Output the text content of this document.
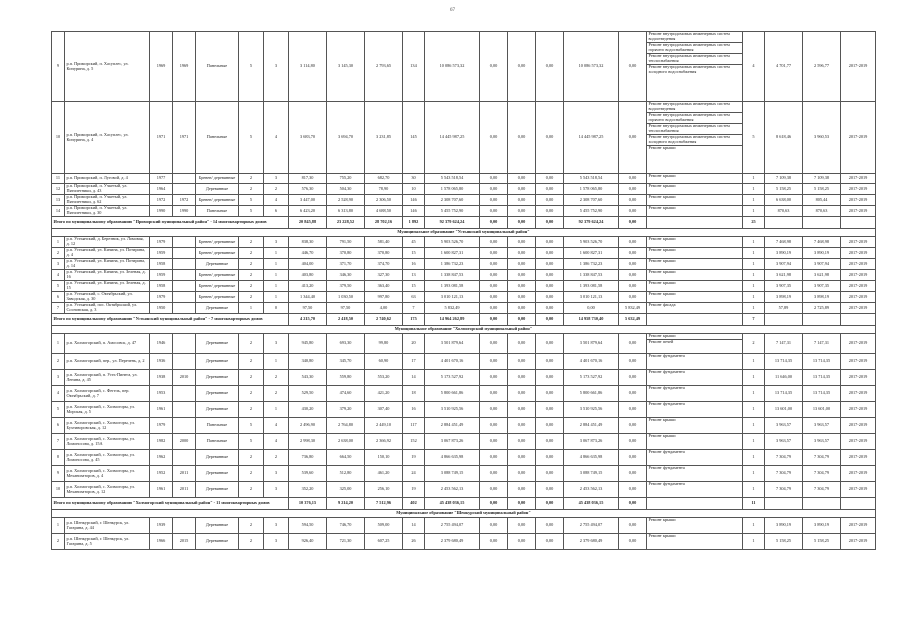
67
9	р.п. Приморский, п. Хасуплес, ул. Кичурина, д. 5	1969	1969	Панельные	5	3	3 114,80	3 145,30	2 793,65	134	10 086 573,32	0,00	0,00	0,00	10 086 573,32	0,00	Ремонт внутридомовых инженерных систем водоотведения
Ремонт внутридомовых инженерных систем горячего водоснабжения
Ремонт внутридомовых инженерных систем теплоснабжения
Ремонт внутридомовых инженерных систем холодного водоснабжения	4	4 701,77	2 596,77	2017-2019
10	р.п. Приморский, п. Хасуплес, ул. Кичурина, д. 4	1971	1971	Панельные	5	4	3 683,70	3 694,70	3 231,85	145	14 445 987,25	0,00	0,00	0,00	14 445 987,25	0,00	Ремонт внутридомовых инженерных систем водоотведения
Ремонт внутридомовых инженерных систем горячего водоснабжения
Ремонт внутридомовых инженерных систем теплоснабжения
Ремонт внутридомовых инженерных систем холодного водоснабжения
Ремонт крыши	5	8 618,46	3 960,53	2017-2019
11	р.п. Приморский, п. Луговой, д. 4	1977		Бревен/ деревянные	2	3	817,30	755,20	682,70	30	5 543 518,54	0,00	0,00	0,00	5 543 518,54	0,00	Ремонт крыши	1	7 109,38	7 109,38	2017-2019
12	р.п. Приморский, п. Учкетый, ул. Пятилетники, д. 43	1964		Деревянные	2	2	576,30	504,30	78,90	10	1 578 065,80	0,00	0,00	0,00	1 578 065,80	0,00	Ремонт крыши	1	5 158,25	5 158,25	2017-2019
13	р.п. Приморский, п. Учкетый, ул. Пятилетники, д. 62	1972	1972	Бревен/ деревянные	5	4	3 447,00	2 528,90	2 306,50	146	2 308 707,60	0,00	0,00	0,00	2 308 707,60	0,00	Ремонт крыши	1	6 638,00	805,44	2017-2019
14	р.п. Приморский, п. Учкетый, ул. Пятилетники, д. 30	1990	1990	Панельные	5	6	6 423,20	6 313,80	4 688,50	146	5 455 752,90	0,00	0,00	0,00	5 455 752,90	0,00	Ремонт крыши	1	870,63	870,63	2017-2019
Итого по муниципальному образованию "Приморский муниципальный район" - 14 многоквартирных домов							20 845,88	23 228,52	28 702,16	1 892	92 379 624,24	0,00	0,00	0,00	92 379 624,24	0,00		25			
Муниципальное образование "Устьянский муниципальный район"																					
1	р.п. Устьянский, д. Березник, ул. Ломовая, д. 12	1979		Бревен/ деревянные	2	3	838,30	791,50	581,40	45	5 903 526,70	0,00	0,00	0,00	5 903 526,70	0,00	Ремонт крыши	1	7 468,98	7 468,98	2017-2019
2	р.п. Устьянский, ул. Кичина, ул. Потирина, д. 4	1959		Бревен/ деревянные	2	1	446,70	370,80	370,80	15	1 600 827,31	0,00	0,00	0,00	1 600 827,31	0,00	Ремонт крыши	1	3 890,19	3 890,19	2017-2019
3	р.п. Устьянский, ул. Кичина, ул. Потирина, д. 14	1958		Деревянные	2	1	404,00	371,70	374,70	16	1 386 732,23	0,00	0,00	0,00	1 386 732,23	0,00	Ремонт крыши	1	3 907,94	3 907,94	2017-2019
4	р.п. Устьянский, ул. Кичина, ул. Зеленая, д. 16	1959		Бревен/ деревянные	2	1	403,80	346,30	327,30	13	1 338 847,53	0,00	0,00	0,00	1 338 847,53	0,00	Ремонт крыши	1	3 621,98	3 621,98	2017-2019
5	р.п. Устьянский, ул. Кичина, ул. Зеленая, д. 15	1958		Бревен/ деревянные	2	1	413,20	379,50	363,40	15	1 393 081,58	0,00	0,00	0,00	1 393 081,58	0,00	Ремонт крыши	1	3 907,35	3 907,35	2017-2019
6	р.п. Устьянский, с. Октябрьский, ул. Заводская, д. 30	1979		Бревен/ деревянные	2	1	1 344,40	1 030,50	997,80	63	3 010 121,13	0,00	0,00	0,00	3 010 121,13	0,00	Ремонт крыши	1	3 898,19	3 898,19	2017-2019
7	р.п. Устьянский, пос. Октябрьский, ул. Сосновская, д. 3	1950		Деревянные	1	0	97,50	97,50	4,00	7	5 832,49	0,00	0,00	0,00	0,00	5 832,49	Ремонт фасада	1	57,89	2 725,89	2017-2019
Итого по муниципальному образованию "Устьянский муниципальный район" - 7 многоквартирных домов							4 215,70	2 418,50	2 740,62	175	14 964 262,89	0,00	0,00	0,00	14 958 730,40	5 632,49		7			
Муниципальное образование "Холмогорский муниципальный район"																					
1	р.п. Холмогорский, п. Амосовск, д. 47	1946		Деревянные	2	3	945,80	693,30	99,80	20	3 501 879,64	0,00	0,00	0,00	3 501 879,64	0,00	Ремонт крыши
Ремонт печей	2	7 147,31	7 147,31	2017-2019
2	р.п. Холмогорский, пер., ул. Перечень, д. 2	1936		Деревянные	2	1	340,80	345,70	60,90	17	4 401 670,16	0,00	0,00	0,00	4 401 670,16	0,00	Ремонт фундамента	1	13 714,35	13 714,35	2017-2019
3	р.п. Холмогорский, п. Усть-Пинега, ул. Ленина, д. 45	1938	2010	Деревянные	2	2	543,30	559,80	553,20	14	5 173 527,92	0,00	0,00	0,00	5 173 527,92	0,00	Ремонт фундамента	1	11 646,00	13 714,35	2017-2019
4	р.п. Холмогорский, с. Фегель, пер. Октябрьский, д. 7	1953		Деревянные	2	2	529,50	474,60	421,20	18	5 800 661,86	0,00	0,00	0,00	5 800 661,86	0,00	Ремонт фундамента	1	13 714,35	13 714,35	2017-2019
5	р.п. Холмогорский, с. Холмогоры, ул. Морская, д. 5	1961		Деревянные	2	1	430,20	379,20	307,40	16	3 510 925,56	0,00	0,00	0,00	3 510 925,56	0,00	Ремонт фундамента	1	13 601,00	13 601,00	2017-2019
6	р.п. Холмогорский, с. Холмогоры, ул. Бухтиворовская, д. 12	1979		Панельные	5	4	2 496,90	2 764,80	2 449,10	117	2 884 451,49	0,00	0,00	0,00	2 884 451,49	0,00	Ремонт крыши	1	3 963,57	3 963,57	2017-2019
7	р.п. Холмогорский, с. Холмогоры, ул. Ломоносова, д. 15А	1982	2000	Панельные	5	4	2 998,30	2 638,00	2 366,92	152	3 067 873,26	0,00	0,00	0,00	3 067 873,26	0,00	Ремонт крыши	1	3 963,57	3 963,57	2017-2019
8	р.п. Холмогорский, с. Холмогоры, ул. Ломоносова, д. 45	1962		Деревянные	2	2	736,80	664,50	150,10	19	4 866 635,98	0,00	0,00	0,00	4 866 635,98	0,00	Ремонт фундамента	1	7 304,79	7 304,79	2017-2019
9	р.п. Холмогорский, с. Холмогоры, ул. Механизаторов, д. 4	1952	2011	Деревянные	2	3	539,60	512,80	461,20	24	3 088 749,15	0,00	0,00	0,00	3 088 749,15	0,00	Ремонт фундамента	1	7 304,79	7 304,79	2017-2019
10	р.п. Холмогорский, с. Холмогоры, ул. Механизаторов, д. 12	1961	2011	Деревянные	2	3	352,20	325,00	256,10	19	2 453 562,13	0,00	0,00	0,00	2 453 562,13	0,00	Ремонт фундамента	1	7 304,79	7 304,79	2017-2019
Итого по муниципальному образованию "Холмогорский муниципальный район" - 11 многоквартирных домов							10 376,15	9 214,20	7 512,96	402	45 438 036,15	0,00	0,00	0,00	45 438 036,15	0,00		11			
Муниципальное образование "Шенкурский муниципальный район"																					
1	р.п. Шенкурский, г. Шенкурск, ул. Гагарина, д. 44	1939		Деревянные	2	3	594,50	746,70	509,00	14	2 755 494,07	0,00	0,00	0,00	2 755 494,07	0,00	Ремонт крыши	1	3 890,19	3 890,19	2017-2019
2	р.п. Шенкурский, г. Шенкурск, ул. Гагарина, д. 5	1966	2015	Деревянные	2	3	926,40	721,30	607,25	26	2 379 680,49	0,00	0,00	0,00	2 379 680,49	0,00	Ремонт крыши	1	5 158,25	5 158,25	2017-2019
